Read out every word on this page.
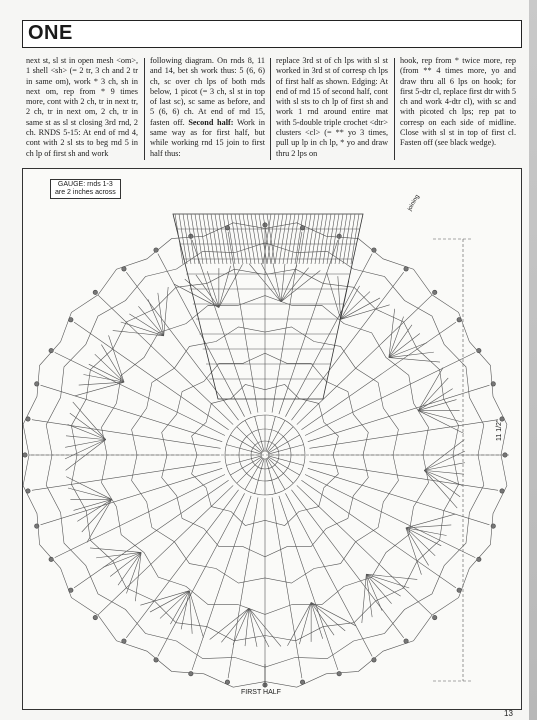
ONE
next st, sl st in open mesh <om>, 1 shell <sh> (= 2 tr, 3 ch and 2 tr in same om), work * 3 ch, sh in next om, rep from * 9 times more, cont with 2 ch, tr in next tr, 2 ch, tr in next om, 2 ch, tr in same st as sl st closing 3rd rnd, 2 ch. RNDS 5-15: At end of rnd 4, cont with 2 sl sts to beg rnd 5 in ch lp of first sh and work
following diagram. On rnds 8, 11 and 14, bet sh work thus: 5 (6, 6) ch, sc over ch lps of both rnds below, 1 picot (= 3 ch, sl st in top of last sc), sc same as before, and 5 (6, 6) ch. At end of rnd 15, fasten off. Second half: Work in same way as for first half, but while working rnd 15 join to first half thus:
replace 3rd st of ch lps with sl st worked in 3rd st of corresp ch lps of first half as shown. Edging: At end of rnd 15 of second half, cont with sl sts to ch lp of first sh and work 1 rnd around entire mat with 5-double triple crochet <dtr> clusters <cl> (= ** yo 3 times, pull up lp in ch lp, * yo and draw thru 2 lps on
hook, rep from * twice more, rep (from ** 4 times more, yo and draw thru all 6 lps on hook; for first 5-dtr cl, replace first dtr with 5 ch and work 4-dtr cl), with sc and with picoted ch lps; rep pat to corresp on each side of midline. Close with sl st in top of first cl. Fasten off (see black wedge).
GAUGE: rnds 1-3
are 2 inches across
FIRST HALF
11 1/2"
joining
13
